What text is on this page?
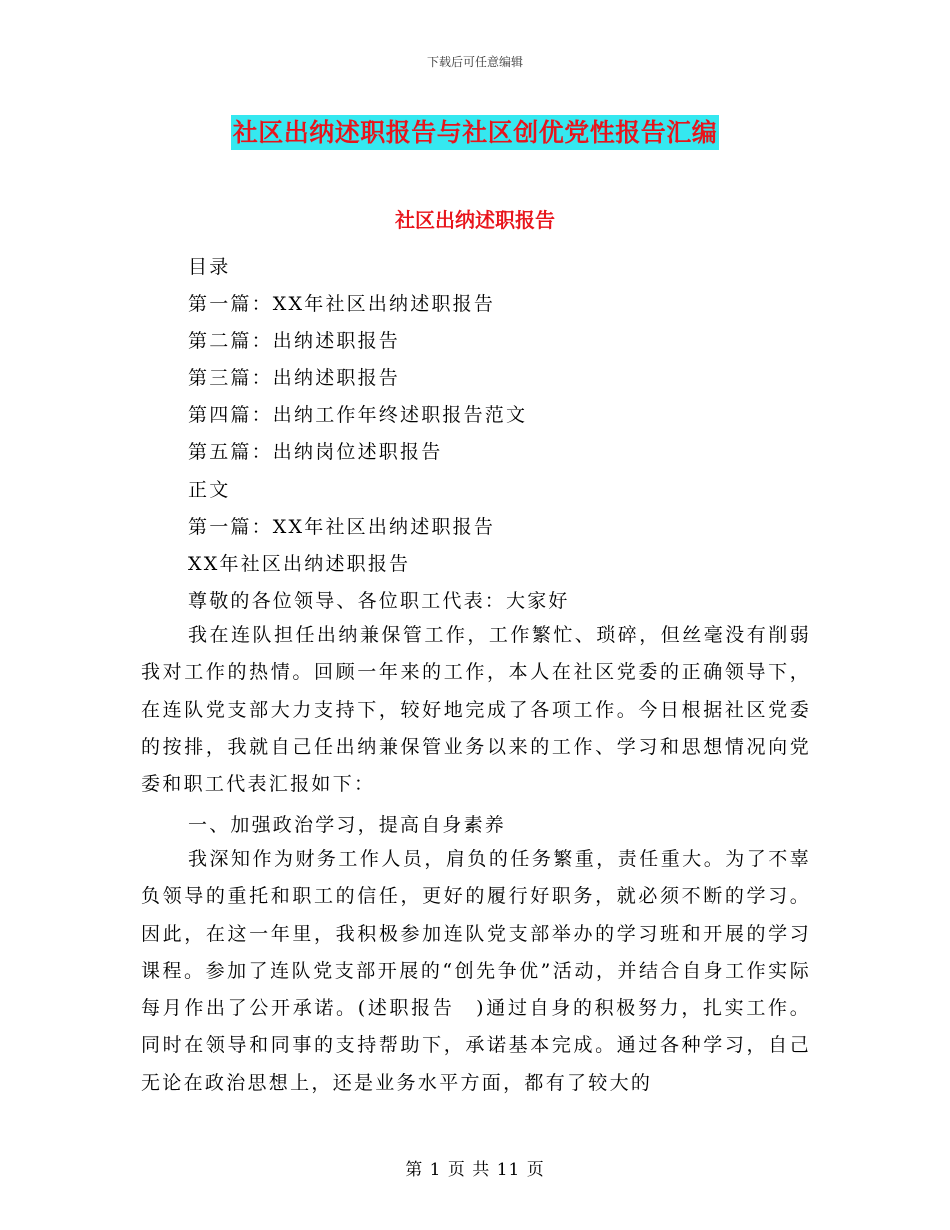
下载后可任意编辑
社区出纳述职报告与社区创优党性报告汇编
社区出纳述职报告
目录
第一篇：XX年社区出纳述职报告
第二篇：出纳述职报告
第三篇：出纳述职报告
第四篇：出纳工作年终述职报告范文
第五篇：出纳岗位述职报告
正文
第一篇：XX年社区出纳述职报告
XX年社区出纳述职报告
尊敬的各位领导、各位职工代表：大家好
我在连队担任出纳兼保管工作，工作繁忙、琐碎，但丝毫没有削弱我对工作的热情。回顾一年来的工作，本人在社区党委的正确领导下，在连队党支部大力支持下，较好地完成了各项工作。今日根据社区党委的按排，我就自己任出纳兼保管业务以来的工作、学习和思想情况向党委和职工代表汇报如下：
一、加强政治学习，提高自身素养
我深知作为财务工作人员，肩负的任务繁重，责任重大。为了不辜负领导的重托和职工的信任，更好的履行好职务，就必须不断的学习。因此，在这一年里，我积极参加连队党支部举办的学习班和开展的学习课程。参加了连队党支部开展的“创先争优”活动，并结合自身工作实际每月作出了公开承诺。(述职报告　)通过自身的积极努力，扎实工作。同时在领导和同事的支持帮助下，承诺基本完成。通过各种学习，自己无论在政治思想上，还是业务水平方面，都有了较大的
第 1 页 共 11 页
